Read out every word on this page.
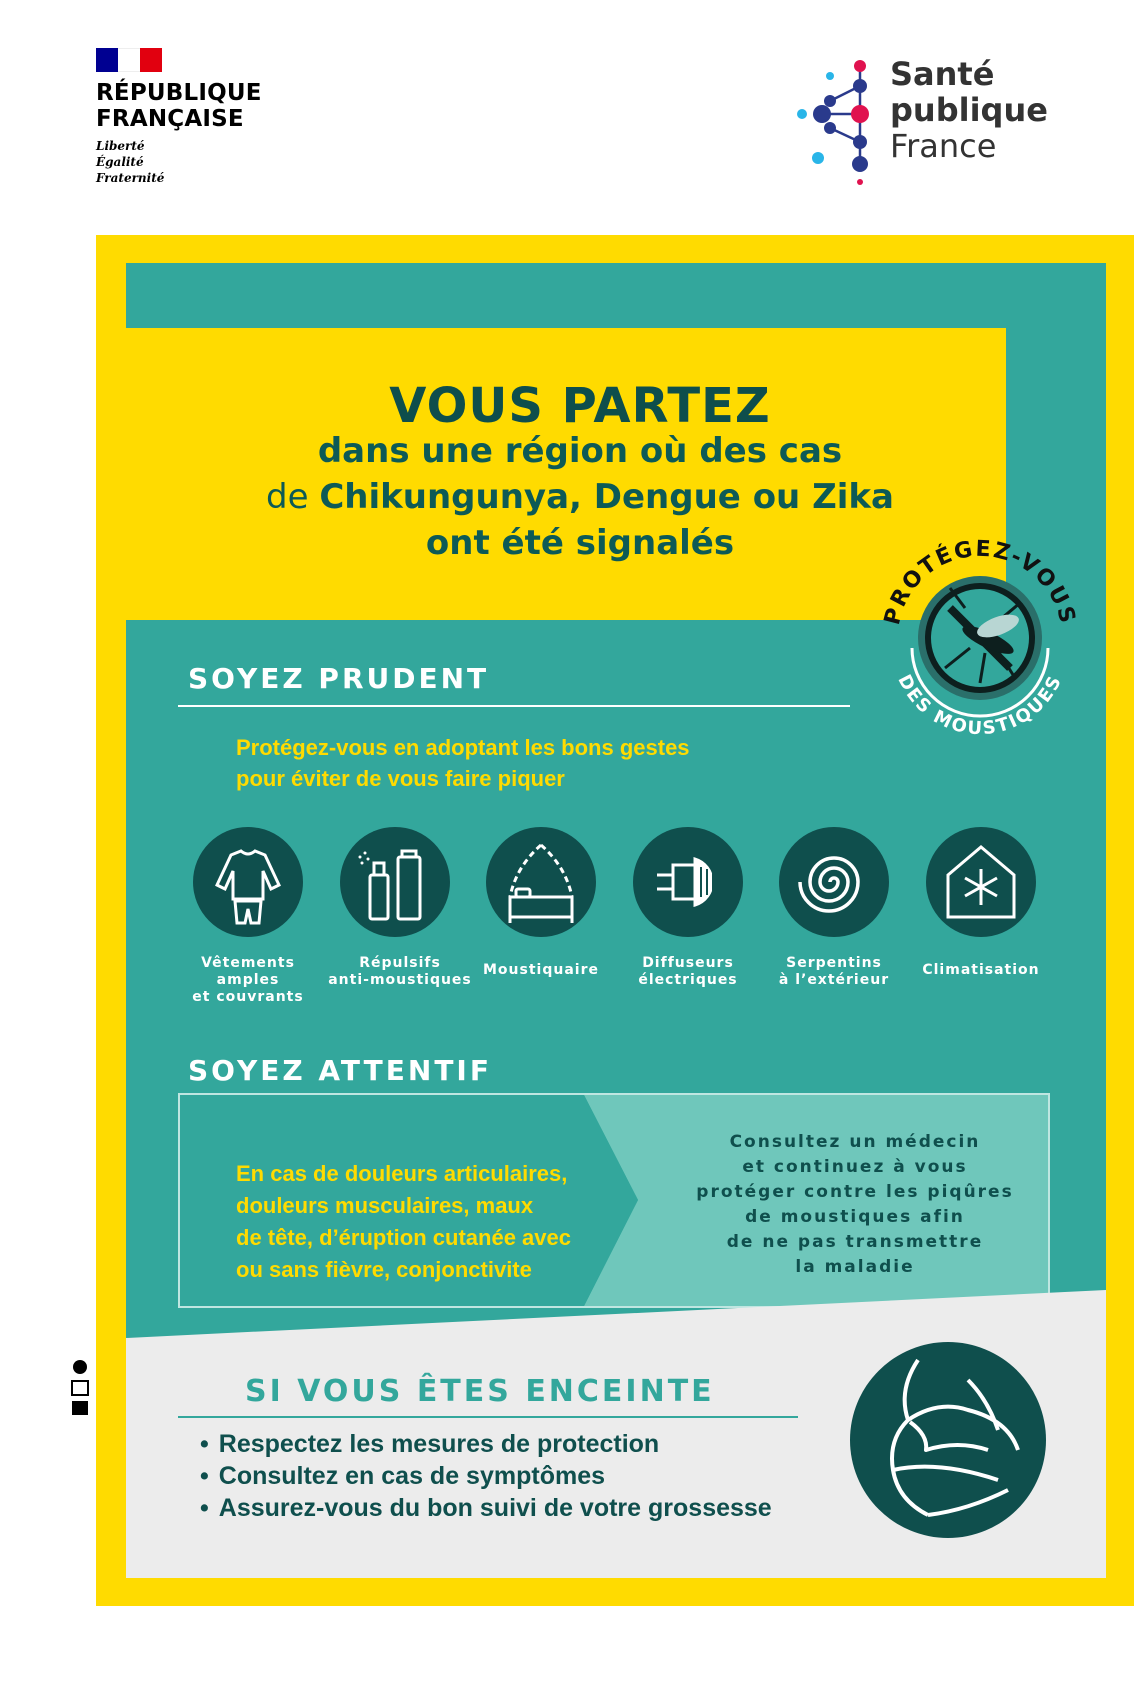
RÉPUBLIQUE
FRANÇAISE
Liberté
Égalité
Fraternité
Santé
publique
France
VOUS PARTEZ
dans une région où des cas
de Chikungunya, Dengue ou Zika
ont été signalés
PROTÉGEZ-VOUS
DES MOUSTIQUES
SOYEZ PRUDENT
Protégez-vous en adoptant les bons gestes
pour éviter de vous faire piquer
Vêtements
amples
et couvrants
Répulsifs
anti-moustiques
Moustiquaire	Diffuseurs
électriques
Serpentins
à l’extérieur
Climatisation
SOYEZ ATTENTIF
En cas de douleurs articulaires,
douleurs musculaires, maux
de tête, d’éruption cutanée avec
ou sans fièvre, conjonctivite
Consultez un médecin
et continuez à vous
protéger contre les piqûres
de moustiques afin
de ne pas transmettre
la maladie
SI VOUS ÊTES ENCEINTE
• Respectez les mesures de protection
• Consultez en cas de symptômes
• Assurez-vous du bon suivi de votre grossesse
